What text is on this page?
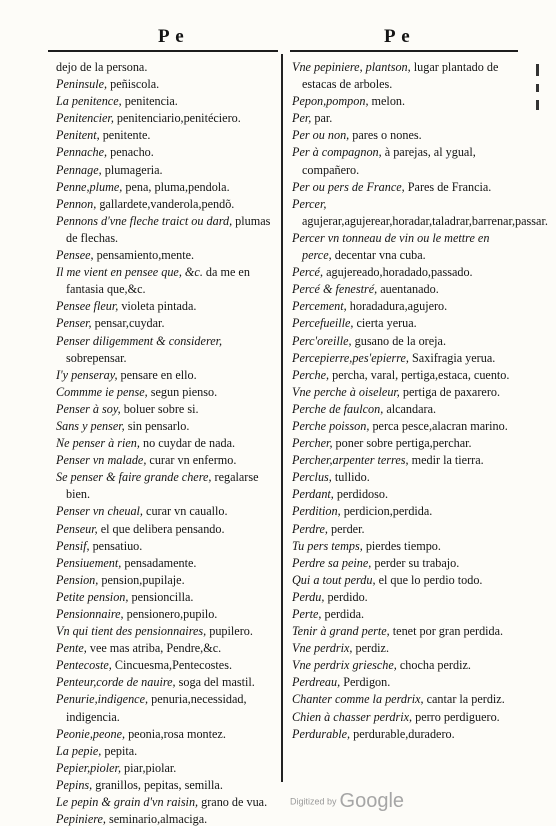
P e	P e
dejo de la persona.
Peninsule, peñiscola.
La penitence, penitencia.
Penitencier, penitenciario,penitéciero.
Penitent, penitente.
Pennache, penacho.
Pennage, plumageria.
Penne,plume, pena, pluma,pendola.
Pennon, gallardete,vanderola,pendõ.
Pennons d'vne fleche traict ou dard, plumas de flechas.
Pensee, pensamiento,mente.
Il me vient en pensee que, &c. da me en fantasia que,&c.
Pensee fleur, violeta pintada.
Penser, pensar,cuydar.
Penser diligemment & considerer, sobrepensar.
I'y penseray, pensare en ello.
Commme ie pense, segun pienso.
Penser à soy, boluer sobre si.
Sans y penser, sin pensarlo.
Ne penser à rien, no cuydar de nada.
Penser vn malade, curar vn enfermo.
Se penser & faire grande chere, regalarse bien.
Penser vn cheual, curar vn cauallo.
Penseur, el que delibera pensando.
Pensif, pensatiuo.
Pensiuement, pensadamente.
Pension, pension,pupilaje.
Petite pension, pensioncilla.
Pensionnaire, pensionero,pupilo.
Vn qui tient des pensionnaires, pupilero.
Pente, vee mas atriba, Pendre,&c.
Pentecoste, Cincuesma,Pentecostes.
Penteur,corde de nauire, soga del mastil.
Penurie,indigence, penuria,necessidad, indigencia.
Peonie,peone, peonia,rosa montez.
La pepie, pepita.
Pepier,pioler, piar,piolar.
Pepins, granillos, pepitas, semilla.
Le pepin & grain d'vn raisin, grano de vua.
Pepiniere, seminario,almaciga.
Vne pepiniere, plantson, lugar plantado de estacas de arboles.
Pepon,pompon, melon.
Per, par.
Per ou non, pares o nones.
Per à compagnon, à parejas, al ygual, compañero.
Per ou pers de France, Pares de Francia.
Percer, agujerar,agujerear,horadar,taladrar,barrenar,passar.
Percer vn tonneau de vin ou le mettre en perce, decentar vna cuba.
Percé, agujereado,horadado,passado.
Percé & fenestré, auentanado.
Percement, horadadura,agujero.
Percefueille, cierta yerua.
Perc'oreille, gusano de la oreja.
Percepierre,pes'epierre, Saxifragia yerua.
Perche, percha, varal, pertiga,estaca, cuento.
Vne perche à oiseleur, pertiga de paxarero.
Perche de faulcon, alcandara.
Perche poisson, perca pesce,alacran marino.
Percher, poner sobre pertiga,perchar.
Percher,arpenter terres, medir la tierra.
Perclus, tullido.
Perdant, perdidoso.
Perdition, perdicion,perdida.
Perdre, perder.
Tu pers temps, pierdes tiempo.
Perdre sa peine, perder su trabajo.
Qui a tout perdu, el que lo perdio todo.
Perdu, perdido.
Perte, perdida.
Tenir à grand perte, tenet por gran perdida.
Vne perdrix, perdiz.
Vne perdrix griesche, chocha perdiz.
Perdreau, Perdigon.
Chanter comme la perdrix, cantar la perdiz.
Chien à chasser perdrix, perro perdiguero.
Perdurable, perdurable,duradero.
Digitized by Google
